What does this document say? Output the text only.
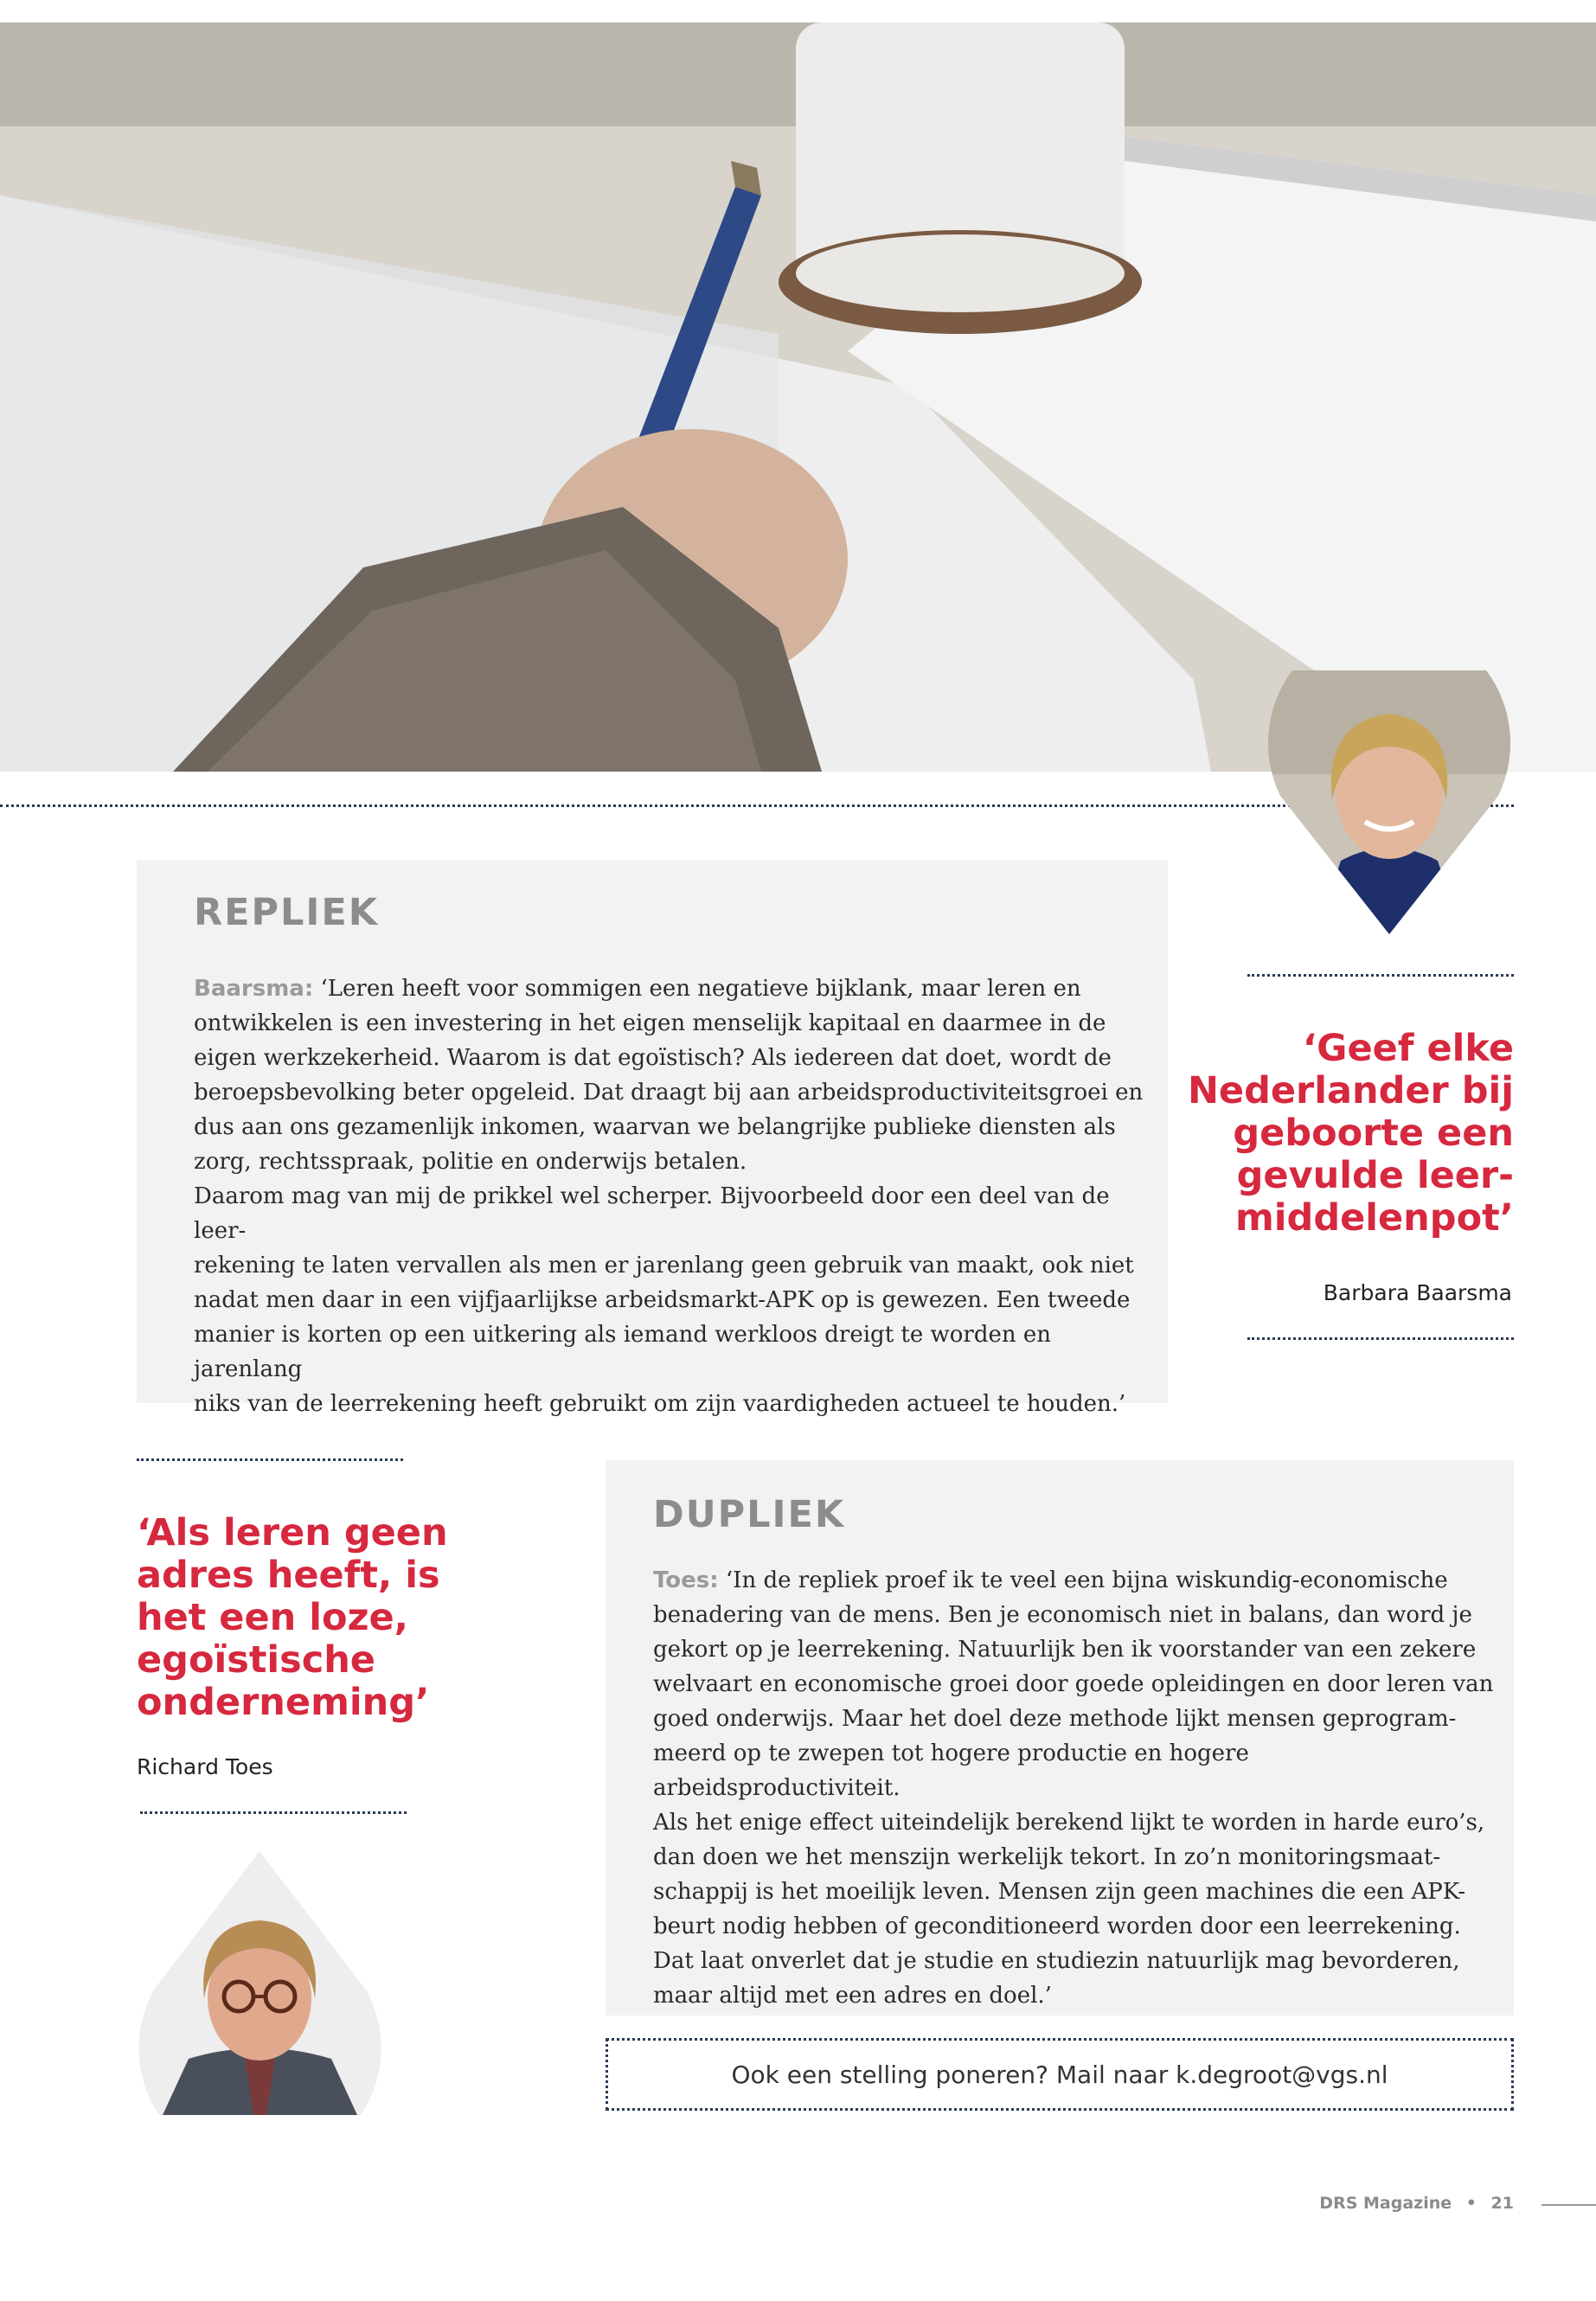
REPLIEK
Baarsma: ‘Leren heeft voor sommigen een negatieve bijklank, maar leren en
ontwikkelen is een investering in het eigen menselijk kapitaal en daarmee in de
eigen werkzekerheid. Waarom is dat egoïstisch? Als iedereen dat doet, wordt de
beroepsbevolking beter opgeleid. Dat draagt bij aan arbeidsproductiviteitsgroei en
dus aan ons gezamenlijk inkomen, waarvan we belangrijke publieke diensten als
zorg, rechtsspraak, politie en onderwijs betalen.
Daarom mag van mij de prikkel wel scherper. Bijvoorbeeld door een deel van de leer-
rekening te laten vervallen als men er jarenlang geen gebruik van maakt, ook niet
nadat men daar in een vijfjaarlijkse arbeidsmarkt-APK op is gewezen. Een tweede
manier is korten op een uitkering als iemand werkloos dreigt te worden en jarenlang
niks van de leerrekening heeft gebruikt om zijn vaardigheden actueel te houden.’
‘Geef elke
Nederlander bij
geboorte een
gevulde leer-
middelenpot’
Barbara Baarsma
‘Als leren geen
adres heeft, is
het een loze,
egoïstische
onderneming’
Richard Toes
DUPLIEK
Toes: ‘In de repliek proef ik te veel een bijna wiskundig-economische
benadering van de mens. Ben je economisch niet in balans, dan word je
gekort op je leerrekening. Natuurlijk ben ik voorstander van een zekere
welvaart en economische groei door goede opleidingen en door leren van
goed onderwijs. Maar het doel deze methode lijkt mensen geprogram-
meerd op te zwepen tot hogere productie en hogere arbeidsproductiviteit.
Als het enige effect uiteindelijk berekend lijkt te worden in harde euro’s,
dan doen we het menszijn werkelijk tekort. In zo’n monitoringsmaat-
schappij is het moeilijk leven. Mensen zijn geen machines die een APK-
beurt nodig hebben of geconditioneerd worden door een leerrekening.
Dat laat onverlet dat je studie en studiezin natuurlijk mag bevorderen,
maar altijd met een adres en doel.’
Ook een stelling poneren? Mail naar k.degroot@vgs.nl
DRS Magazine • 21
